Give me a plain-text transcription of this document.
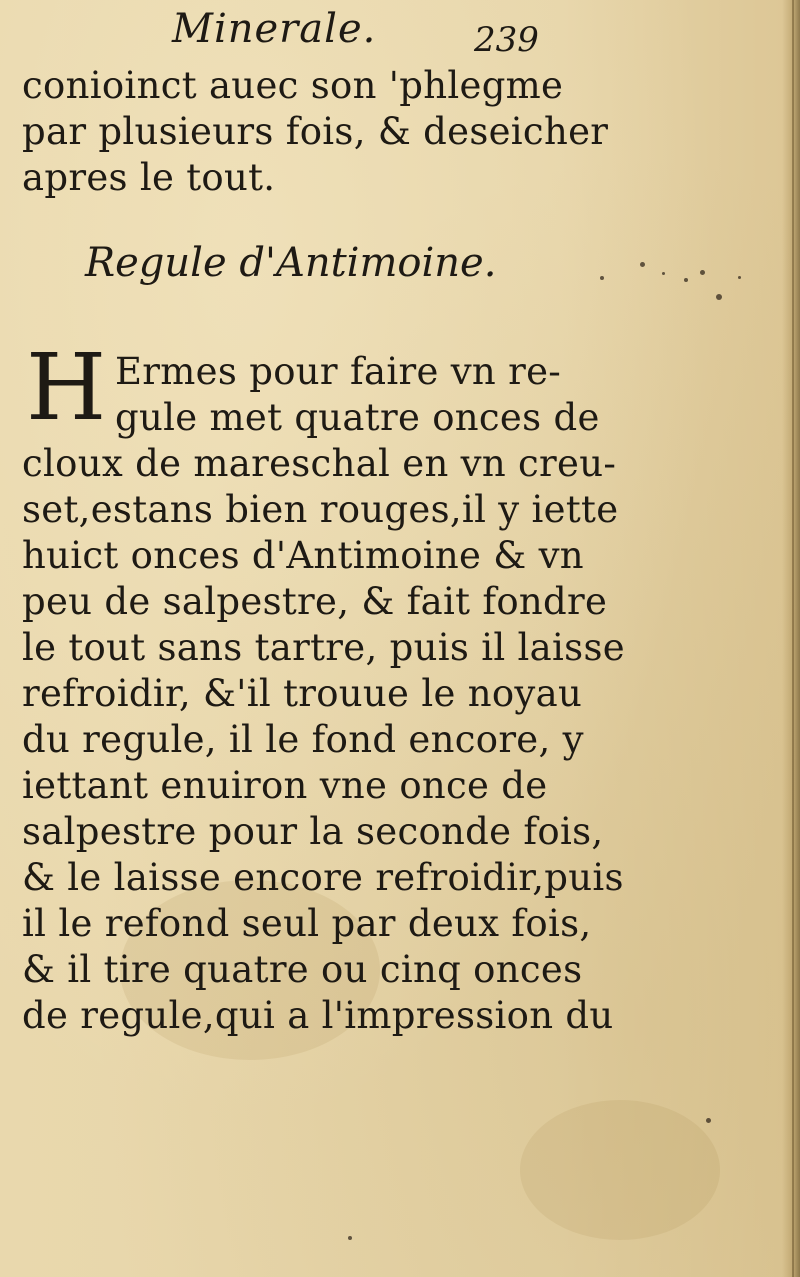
Minerale.	239
conioinct auec son 'phlegme
par plusieurs fois, & deseicher
apres le tout.
Regule d'Antimoine.
H Ermes pour faire vn re-
gule met quatre onces de
cloux de mareschal en vn creu-
set,estans bien rouges,il y iette
huict onces d'Antimoine & vn
peu de salpestre, & fait fondre
le tout sans tartre, puis il laisse
refroidir, &'il trouue le noyau
du regule, il le fond encore, y
iettant enuiron vne once de
salpestre pour la seconde fois,
& le laisse encore refroidir,puis
il le refond seul par deux fois,
& il tire quatre ou cinq onces
de regule,qui a l'impression du
